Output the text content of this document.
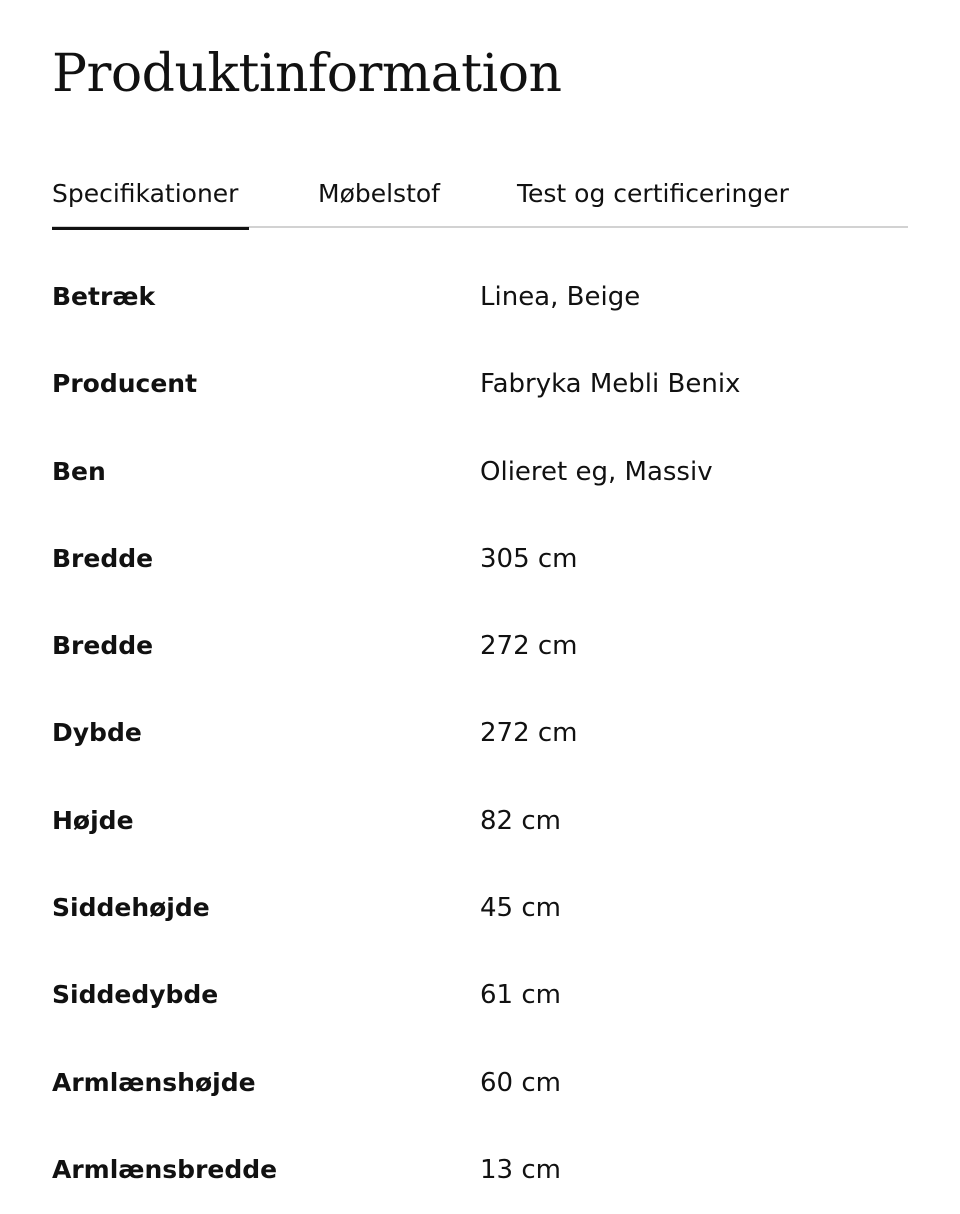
Produktinformation
Specifikationer	Møbelstof	Test og certificeringer
Betræk	Linea, Beige
Producent	Fabryka Mebli Benix
Ben	Olieret eg, Massiv
Bredde	305 cm
Bredde	272 cm
Dybde	272 cm
Højde	82 cm
Siddehøjde	45 cm
Siddedybde	61 cm
Armlænshøjde	60 cm
Armlænsbredde	13 cm
